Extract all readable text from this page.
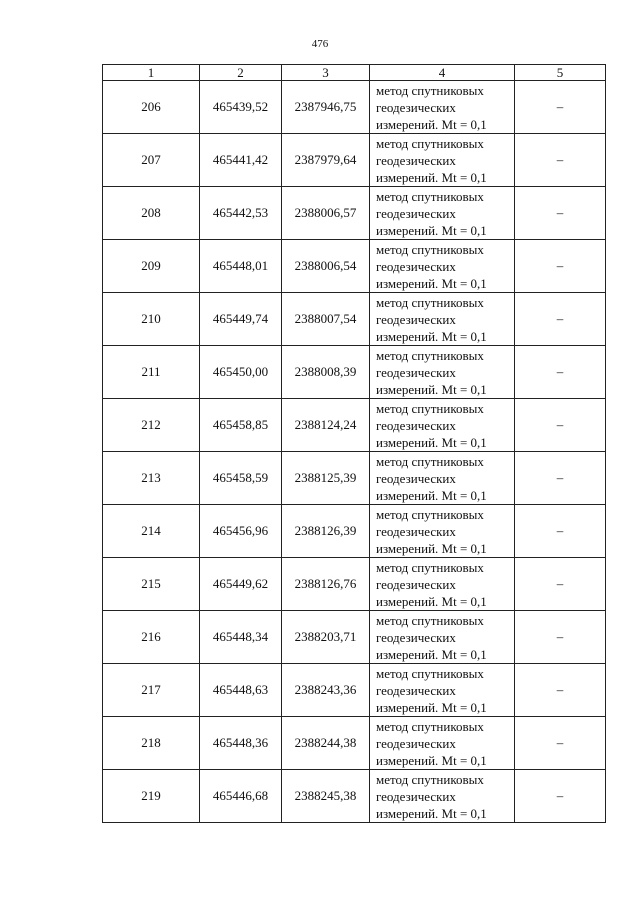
476
1	2	3	4	5
206	465439,52	2387946,75	метод спутниковых
геодезических
измерений. Mt = 0,1	–
207	465441,42	2387979,64	метод спутниковых
геодезических
измерений. Mt = 0,1	–
208	465442,53	2388006,57	метод спутниковых
геодезических
измерений. Mt = 0,1	–
209	465448,01	2388006,54	метод спутниковых
геодезических
измерений. Mt = 0,1	–
210	465449,74	2388007,54	метод спутниковых
геодезических
измерений. Mt = 0,1	–
211	465450,00	2388008,39	метод спутниковых
геодезических
измерений. Mt = 0,1	–
212	465458,85	2388124,24	метод спутниковых
геодезических
измерений. Mt = 0,1	–
213	465458,59	2388125,39	метод спутниковых
геодезических
измерений. Mt = 0,1	–
214	465456,96	2388126,39	метод спутниковых
геодезических
измерений. Mt = 0,1	–
215	465449,62	2388126,76	метод спутниковых
геодезических
измерений. Mt = 0,1	–
216	465448,34	2388203,71	метод спутниковых
геодезических
измерений. Mt = 0,1	–
217	465448,63	2388243,36	метод спутниковых
геодезических
измерений. Mt = 0,1	–
218	465448,36	2388244,38	метод спутниковых
геодезических
измерений. Mt = 0,1	–
219	465446,68	2388245,38	метод спутниковых
геодезических
измерений. Mt = 0,1	–
